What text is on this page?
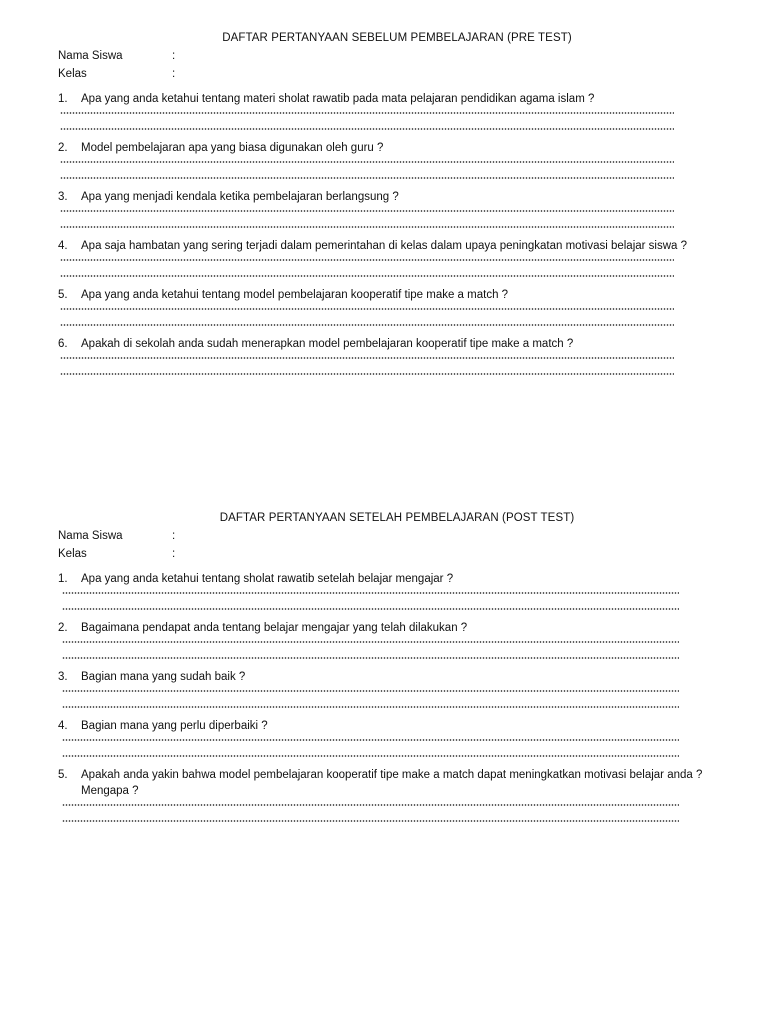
DAFTAR PERTANYAAN SEBELUM PEMBELAJARAN (PRE TEST)
Nama Siswa	:
Kelas	:
1.	Apa yang anda ketahui tentang materi sholat rawatib pada mata pelajaran pendidikan agama islam ?
2.	Model pembelajaran apa yang biasa digunakan oleh guru ?
3.	Apa yang menjadi kendala ketika pembelajaran berlangsung ?
4.	Apa saja hambatan yang sering terjadi dalam pemerintahan di kelas dalam upaya peningkatan motivasi belajar siswa ?
5.	Apa yang anda ketahui tentang model pembelajaran kooperatif tipe make a match ?
6.	Apakah di sekolah anda sudah menerapkan model pembelajaran kooperatif tipe make a match ?
DAFTAR PERTANYAAN SETELAH PEMBELAJARAN (POST TEST)
Nama Siswa	:
Kelas	:
1.	Apa yang anda ketahui tentang sholat rawatib setelah belajar mengajar ?
2.	Bagaimana pendapat anda tentang belajar mengajar yang telah dilakukan ?
3.	Bagian mana yang sudah baik ?
4.	Bagian mana yang perlu diperbaiki ?
5.	Apakah anda yakin bahwa model pembelajaran kooperatif tipe make a match dapat meningkatkan motivasi belajar anda ? Mengapa ?
